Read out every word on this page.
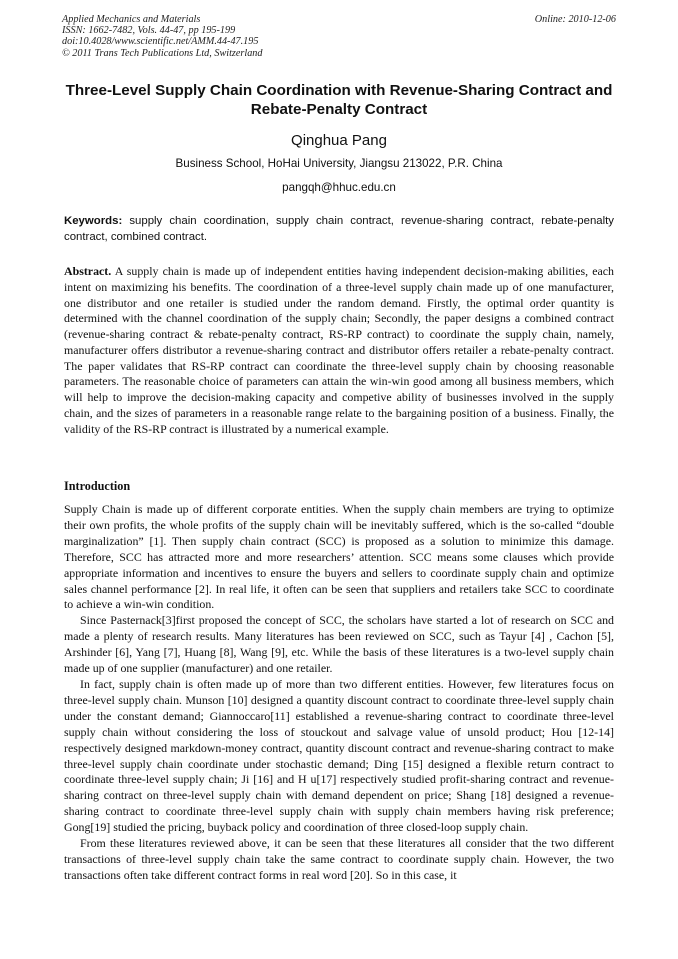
Applied Mechanics and Materials
ISSN: 1662-7482, Vols. 44-47, pp 195-199
doi:10.4028/www.scientific.net/AMM.44-47.195
© 2011 Trans Tech Publications Ltd, Switzerland
Online: 2010-12-06
Three-Level Supply Chain Coordination with Revenue-Sharing Contract and Rebate-Penalty Contract
Qinghua Pang
Business School, HoHai University, Jiangsu 213022, P.R. China
pangqh@hhuc.edu.cn
Keywords: supply chain coordination, supply chain contract, revenue-sharing contract, rebate-penalty contract, combined contract.
Abstract. A supply chain is made up of independent entities having independent decision-making abilities, each intent on maximizing his benefits. The coordination of a three-level supply chain made up of one manufacturer, one distributor and one retailer is studied under the random demand. Firstly, the optimal order quantity is determined with the channel coordination of the supply chain; Secondly, the paper designs a combined contract (revenue-sharing contract & rebate-penalty contract, RS-RP contract) to coordinate the supply chain, namely, manufacturer offers distributor a revenue-sharing contract and distributor offers retailer a rebate-penalty contract. The paper validates that RS-RP contract can coordinate the three-level supply chain by choosing reasonable parameters. The reasonable choice of parameters can attain the win-win good among all business members, which will help to improve the decision-making capacity and competive ability of businesses involved in the supply chain, and the sizes of parameters in a reasonable range relate to the bargaining position of a business. Finally, the validity of the RS-RP contract is illustrated by a numerical example.
Introduction

Supply Chain is made up of different corporate entities. When the supply chain members are trying to optimize their own profits, the whole profits of the supply chain will be inevitably suffered, which is the so-called “double marginalization” [1]. Then supply chain contract (SCC) is proposed as a solution to minimize this damage. Therefore, SCC has attracted more and more researchers’ attention. SCC means some clauses which provide appropriate information and incentives to ensure the buyers and sellers to coordinate supply chain and optimize sales channel performance [2]. In real life, it often can be seen that suppliers and retailers take SCC to coordinate to achieve a win-win condition.

Since Pasternack[3]first proposed the concept of SCC, the scholars have started a lot of research on SCC and made a plenty of research results. Many literatures has been reviewed on SCC, such as Tayur [4] , Cachon [5], Arshinder [6], Yang [7], Huang [8], Wang [9], etc. While the basis of these literatures is a two-level supply chain made up of one supplier (manufacturer) and one retailer.

In fact, supply chain is often made up of more than two different entities. However, few literatures focus on three-level supply chain. Munson [10] designed a quantity discount contract to coordinate three-level supply chain under the constant demand; Giannoccaro[11] established a revenue-sharing contract to coordinate three-level supply chain without considering the loss of stouckout and salvage value of unsold product; Hou [12-14] respectively designed markdown-money contract, quantity discount contract and revenue-sharing contract to make three-level supply chain coordinate under stochastic demand; Ding [15] designed a flexible return contract to coordinate three-level supply chain; Ji [16] and H u[17] respectively studied profit-sharing contract and revenue-sharing contract on three-level supply chain with demand dependent on price; Shang [18] designed a revenue-sharing contract to coordinate three-level supply chain with supply chain members having risk preference; Gong[19] studied the pricing, buyback policy and coordination of three closed-loop supply chain.

From these literatures reviewed above, it can be seen that these literatures all consider that the two different transactions of three-level supply chain take the same contract to coordinate supply chain. However, the two transactions often take different contract forms in real word [20]. So in this case, it
